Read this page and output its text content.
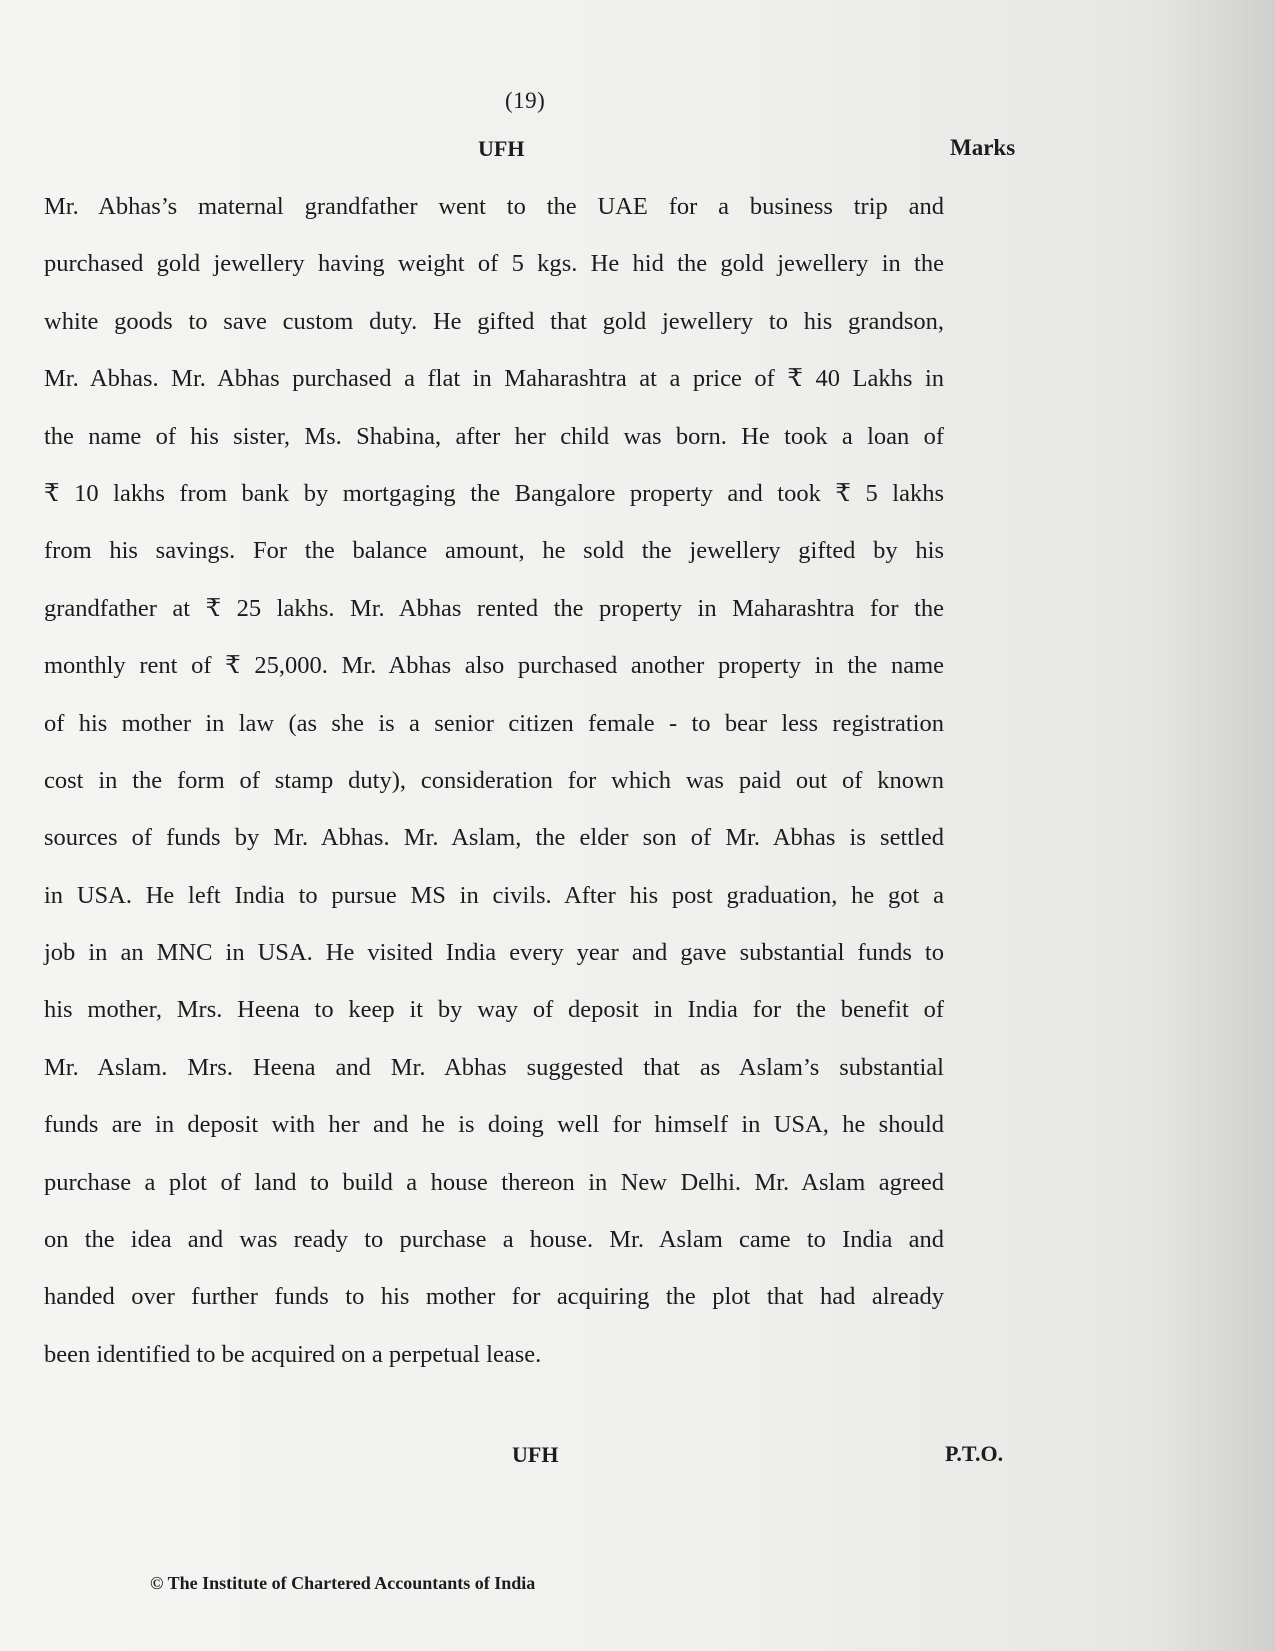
(19)
UFH	Marks
Mr. Abhas’s maternal grandfather went to the UAE for a business trip and
purchased gold jewellery having weight of 5 kgs. He hid the gold jewellery in the
white goods to save custom duty. He gifted that gold jewellery to his grandson,
Mr. Abhas. Mr. Abhas purchased a flat in Maharashtra at a price of ₹ 40 Lakhs in
the name of his sister, Ms. Shabina, after her child was born. He took a loan of
₹ 10 lakhs from bank by mortgaging the Bangalore property and took ₹ 5 lakhs
from his savings. For the balance amount, he sold the jewellery gifted by his
grandfather at ₹ 25 lakhs. Mr. Abhas rented the property in Maharashtra for the
monthly rent of ₹ 25,000. Mr. Abhas also purchased another property in the name
of his mother in law (as she is a senior citizen female - to bear less registration
cost in the form of stamp duty), consideration for which was paid out of known
sources of funds by Mr. Abhas. Mr. Aslam, the elder son of Mr. Abhas is settled
in USA. He left India to pursue MS in civils. After his post graduation, he got a
job in an MNC in USA. He visited India every year and gave substantial funds to
his mother, Mrs. Heena to keep it by way of deposit in India for the benefit of
Mr. Aslam. Mrs. Heena and Mr. Abhas suggested that as Aslam’s substantial
funds are in deposit with her and he is doing well for himself in USA, he should
purchase a plot of land to build a house thereon in New Delhi. Mr. Aslam agreed
on the idea and was ready to purchase a house. Mr. Aslam came to India and
handed over further funds to his mother for acquiring the plot that had already
been identified to be acquired on a perpetual lease.
UFH	P.T.O.
© The Institute of Chartered Accountants of India
